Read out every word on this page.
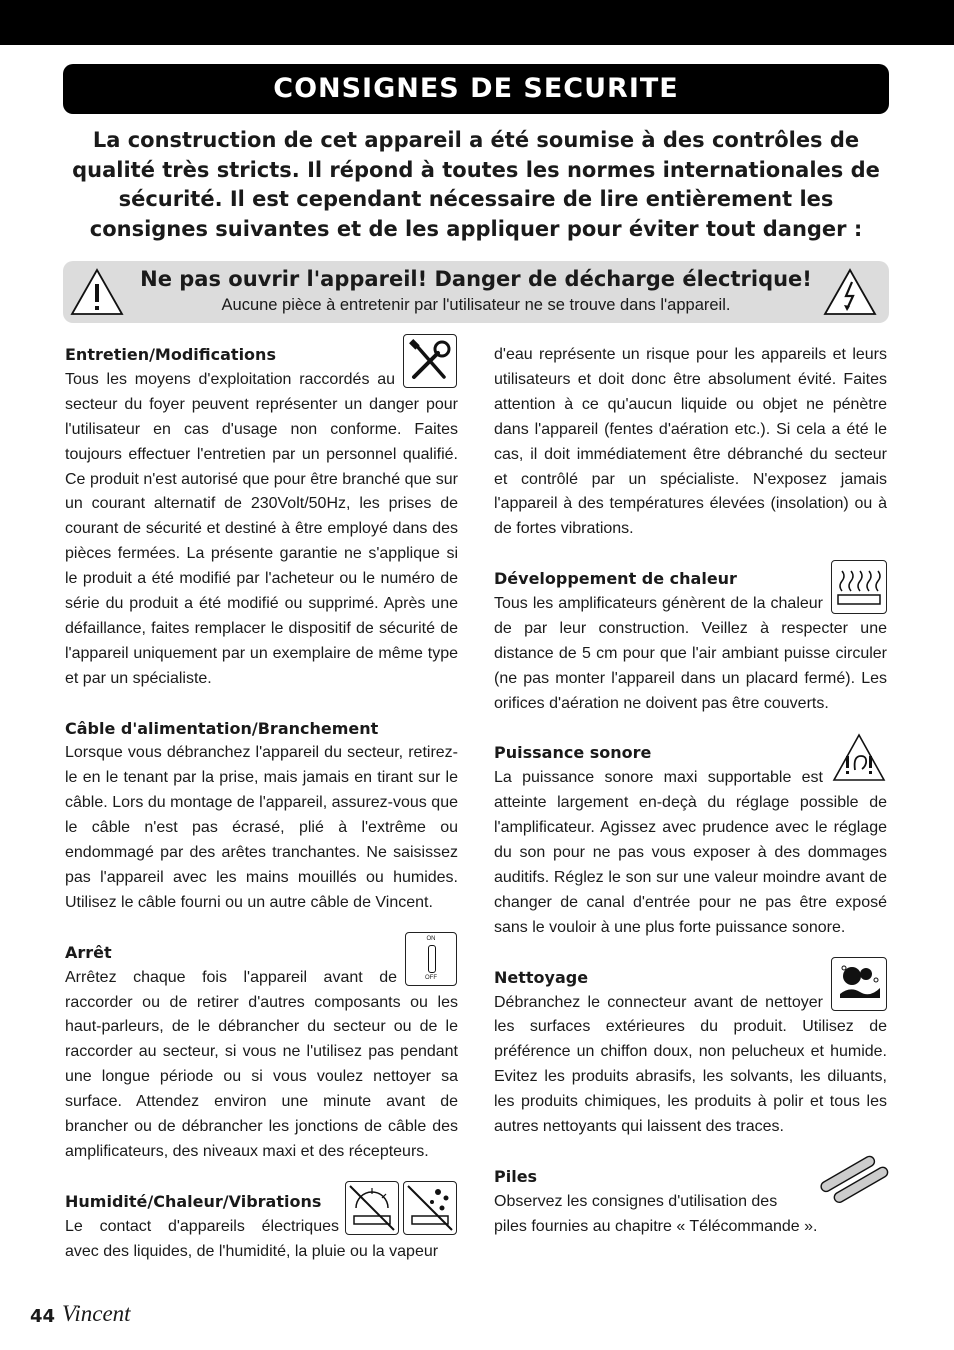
CONSIGNES DE SECURITE
La construction de cet appareil a été soumise à des contrôles de qualité très stricts. Il répond à toutes les normes internationales de sécurité. Il est cependant nécessaire de lire entièrement les consignes suivantes et de les appliquer pour éviter tout danger :
Ne pas ouvrir l'appareil! Danger de décharge électrique!
Aucune pièce à entretenir par l'utilisateur ne se trouve dans l'appareil.
Entretien/Modifications

Tous les moyens d'exploitation raccordés au secteur du foyer peuvent représenter un danger pour l'utilisateur en cas d'usage non conforme. Faites toujours effectuer l'entretien par un personnel qualifié. Ce produit n'est autorisé que pour être branché que sur un courant alternatif de 230Volt/50Hz, les prises de courant de sécurité et destiné à être employé dans des pièces fermées. La présente garantie ne s'applique si le produit a été modifié par l'acheteur ou le numéro de série du produit a été modifié ou supprimé. Après une défaillance, faites remplacer le dispositif de sécurité de l'appareil uniquement par un exemplaire de même type et par un spécialiste.

Câble d'alimentation/Branchement

Lorsque vous débranchez l'appareil du secteur, retirez-le en le tenant par la prise, mais jamais en tirant sur le câble. Lors du montage de l'appareil, assurez-vous que le câble n'est pas écrasé, plié à l'extrême ou endommagé par des arêtes tranchantes. Ne saisissez pas l'appareil avec les mains mouillés ou humides. Utilisez le câble fourni ou un autre câble de Vincent.

ON
OFF
Arrêt

Arrêtez chaque fois l'appareil avant de raccorder ou de retirer d'autres composants ou les haut-parleurs, de le débrancher du secteur ou de le raccorder au secteur, si vous ne l'utilisez pas pendant une longue période ou si vous voulez nettoyer sa surface. Attendez environ une minute avant de brancher ou de débrancher les jonctions de câble des amplificateurs, des niveaux maxi et des récepteurs.

Humidité/Chaleur/Vibrations

Le contact d'appareils électriques avec des liquides, de l'humidité, la pluie ou la vapeur

d'eau représente un risque pour les appareils et leurs utilisateurs et doit donc être absolument évité. Faites attention à ce qu'aucun liquide ou objet ne pénètre dans l'appareil (fentes d'aération etc.). Si cela a été le cas, il doit immédiatement être débranché du secteur et contrôlé par un spécialiste. N'exposez jamais l'appareil à des températures élevées (insolation) ou à de fortes vibrations.

Développement de chaleur

Tous les amplificateurs génèrent de la chaleur de par leur construction. Veillez à respecter une distance de 5 cm pour que l'air ambiant puisse circuler (ne pas monter l'appareil dans un placard fermé). Les orifices d'aération ne doivent pas être couverts.

Puissance sonore

La puissance sonore maxi supportable est atteinte largement en-deçà du réglage possible de l'amplificateur. Agissez avec prudence avec le réglage du son pour ne pas vous exposer à des dommages auditifs. Réglez le son sur une valeur moindre avant de changer de canal d'entrée pour ne pas être exposé sans le vouloir à une plus forte puissance sonore.

Nettoyage

Débranchez le connecteur avant de nettoyer les surfaces extérieures du produit. Utilisez de préférence un chiffon doux, non pelucheux et humide. Evitez les produits abrasifs, les solvants, les diluants, les produits chimiques, les produits à polir et tous les autres nettoyants qui laissent des traces.

Piles

Observez les consignes d'utilisation des piles fournies au chapitre « Télécommande ».

44 Vincent
